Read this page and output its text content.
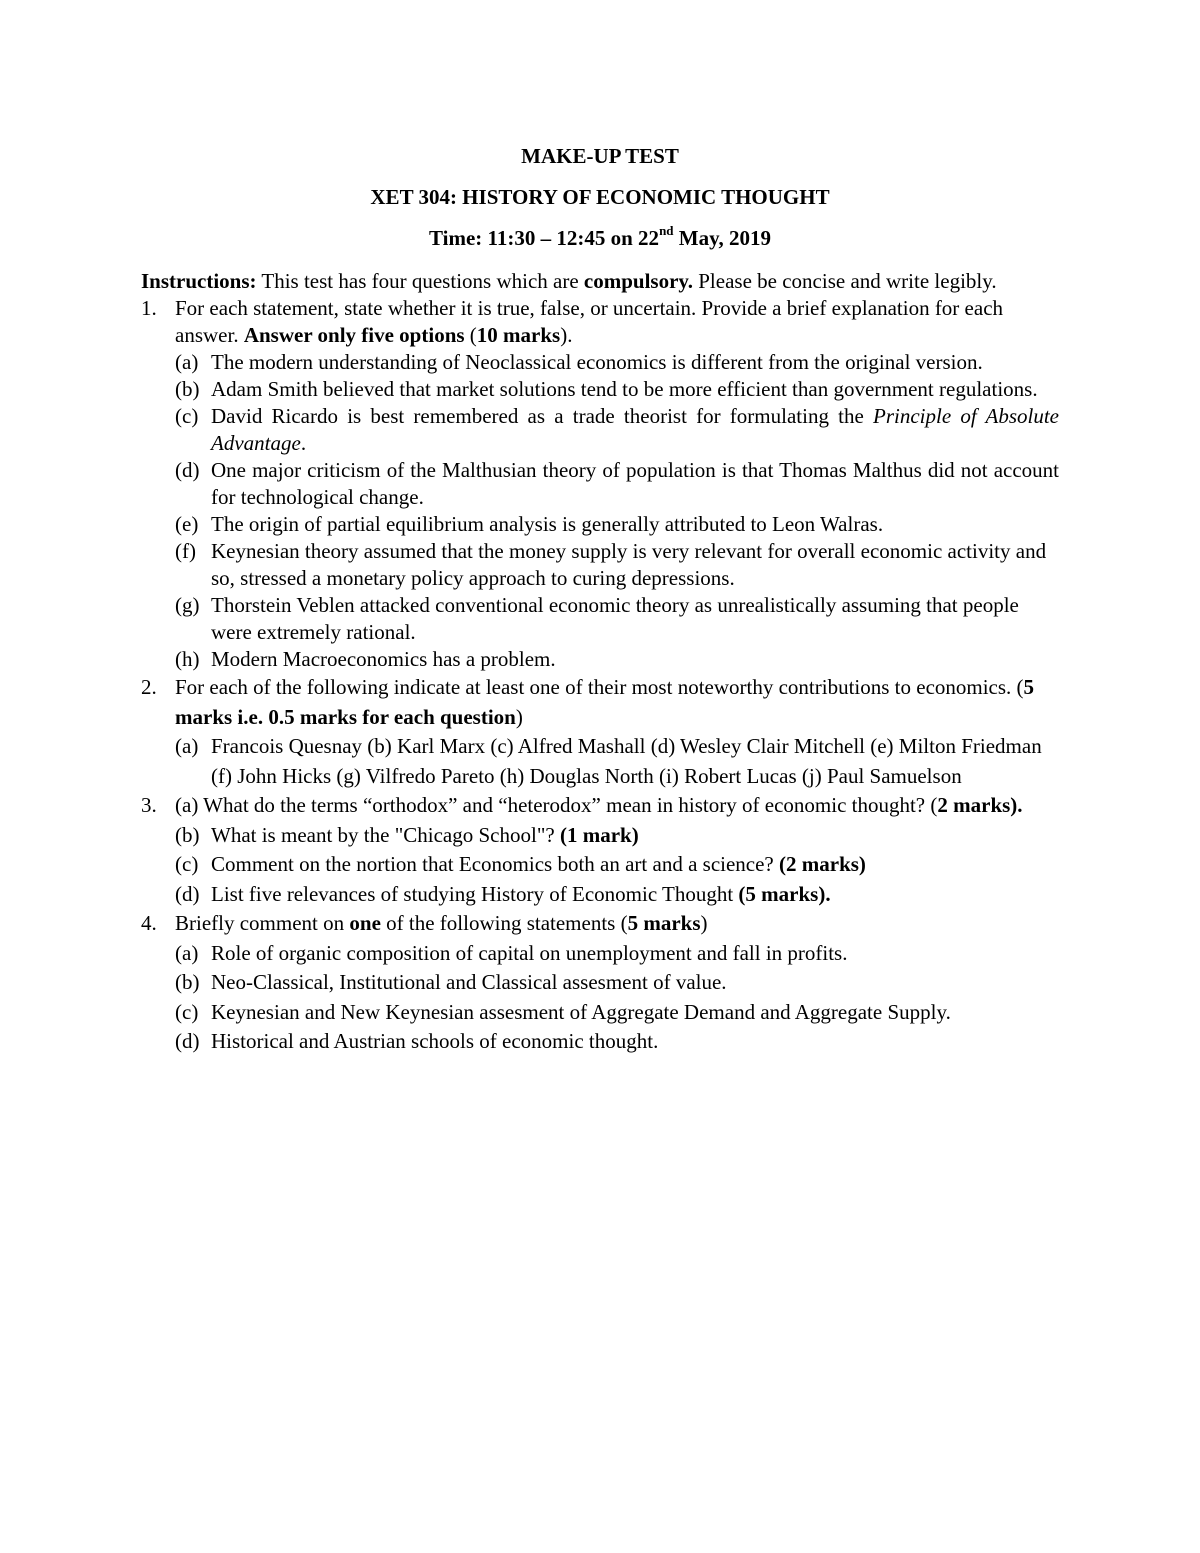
MAKE-UP TEST
XET 304: HISTORY OF ECONOMIC THOUGHT
Time: 11:30 – 12:45 on 22nd May, 2019

Instructions: This test has four questions which are compulsory. Please be concise and write legibly.

1. For each statement, state whether it is true, false, or uncertain. Provide a brief explanation for each answer. Answer only five options (10 marks).

(a) The modern understanding of Neoclassical economics is different from the original version.
(b) Adam Smith believed that market solutions tend to be more efficient than government regulations.
(c) David Ricardo is best remembered as a trade theorist for formulating the Principle of Absolute Advantage.
(d) One major criticism of the Malthusian theory of population is that Thomas Malthus did not account for technological change.
(e) The origin of partial equilibrium analysis is generally attributed to Leon Walras.
(f) Keynesian theory assumed that the money supply is very relevant for overall economic activity and so, stressed a monetary policy approach to curing depressions.
(g) Thorstein Veblen attacked conventional economic theory as unrealistically assuming that people were extremely rational.
(h) Modern Macroeconomics has a problem.
2. For each of the following indicate at least one of their most noteworthy contributions to economics. (5 marks i.e. 0.5 marks for each question)

(a) Francois Quesnay (b) Karl Marx (c) Alfred Mashall (d) Wesley Clair Mitchell (e) Milton Friedman (f) John Hicks (g) Vilfredo Pareto (h) Douglas North (i) Robert Lucas (j) Paul Samuelson
3. (a) What do the terms “orthodox” and “heterodox” mean in history of economic thought? (2 marks).

(b) What is meant by the "Chicago School"? (1 mark)
(c) Comment on the nortion that Economics both an art and a science? (2 marks)
(d) List five relevances of studying History of Economic Thought (5 marks).
4. Briefly comment on one of the following statements (5 marks)

(a) Role of organic composition of capital on unemployment and fall in profits.
(b) Neo-Classical, Institutional and Classical assesment of value.
(c) Keynesian and New Keynesian assesment of Aggregate Demand and Aggregate Supply.
(d) Historical and Austrian schools of economic thought.
